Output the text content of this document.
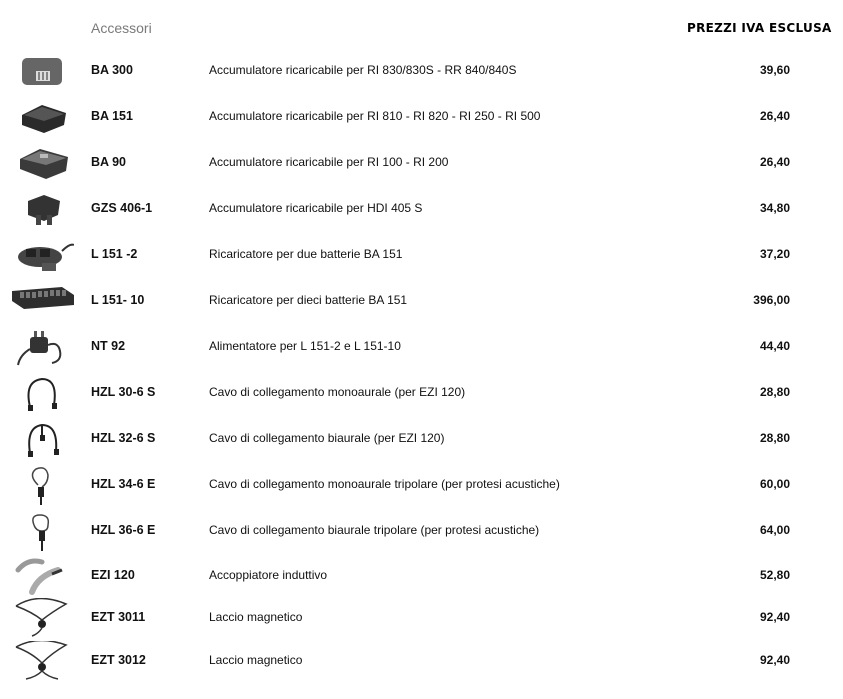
Accessori	PREZZI IVA ESCLUSA
BA 300	Accumulatore ricaricabile per RI 830/830S - RR 840/840S	39,60
BA 151	Accumulatore ricaricabile per RI 810 - RI 820 - RI 250 - RI 500	26,40
BA 90	Accumulatore ricaricabile per RI 100 - RI 200	26,40
GZS 406-1	Accumulatore ricaricabile per HDI 405 S	34,80
L 151 -2	Ricaricatore per due batterie BA 151	37,20
L 151- 10	Ricaricatore per dieci batterie BA 151	396,00
NT 92	Alimentatore per L 151-2 e L 151-10	44,40
HZL 30-6 S	Cavo di collegamento monoaurale (per EZI 120)	28,80
HZL 32-6 S	Cavo di collegamento biaurale (per EZI 120)	28,80
HZL 34-6 E	Cavo di collegamento monoaurale tripolare (per protesi acustiche)	60,00
HZL 36-6 E	Cavo di collegamento biaurale tripolare (per protesi acustiche)	64,00
EZI 120	Accoppiatore induttivo	52,80
EZT 3011	Laccio magnetico	92,40
EZT 3012	Laccio magnetico	92,40
